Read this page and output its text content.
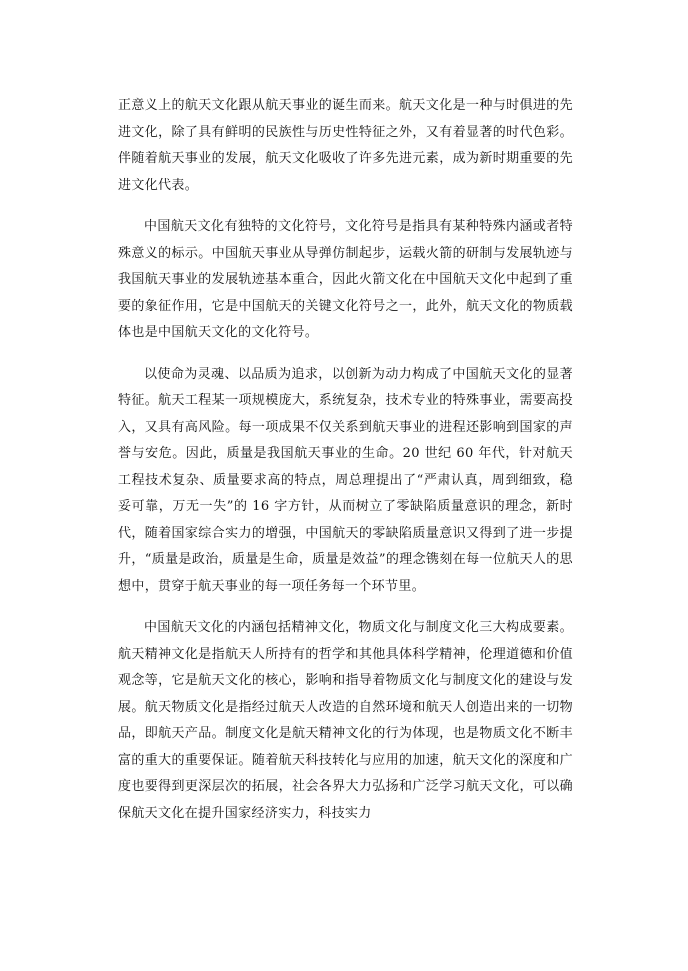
正意义上的航天文化跟从航天事业的诞生而来。航天文化是一种与时俱进的先进文化，除了具有鲜明的民族性与历史性特征之外，又有着显著的时代色彩。伴随着航天事业的发展，航天文化吸收了许多先进元素，成为新时期重要的先进文化代表。

中国航天文化有独特的文化符号，文化符号是指具有某种特殊内涵或者特殊意义的标示。中国航天事业从导弹仿制起步，运载火箭的研制与发展轨迹与我国航天事业的发展轨迹基本重合，因此火箭文化在中国航天文化中起到了重要的象征作用，它是中国航天的关键文化符号之一，此外，航天文化的物质载体也是中国航天文化的文化符号。

以使命为灵魂、以品质为追求，以创新为动力构成了中国航天文化的显著特征。航天工程某一项规模庞大，系统复杂，技术专业的特殊事业，需要高投入，又具有高风险。每一项成果不仅关系到航天事业的进程还影响到国家的声誉与安危。因此，质量是我国航天事业的生命。20 世纪 60 年代，针对航天工程技术复杂、质量要求高的特点，周总理提出了“严肃认真，周到细致，稳妥可靠，万无一失”的 16 字方针，从而树立了零缺陷质量意识的理念，新时代，随着国家综合实力的增强，中国航天的零缺陷质量意识又得到了进一步提升，“质量是政治，质量是生命，质量是效益”的理念镌刻在每一位航天人的思想中，贯穿于航天事业的每一项任务每一个环节里。

中国航天文化的内涵包括精神文化，物质文化与制度文化三大构成要素。航天精神文化是指航天人所持有的哲学和其他具体科学精神，伦理道德和价值观念等，它是航天文化的核心，影响和指导着物质文化与制度文化的建设与发展。航天物质文化是指经过航天人改造的自然环境和航天人创造出来的一切物品，即航天产品。制度文化是航天精神文化的行为体现，也是物质文化不断丰富的重大的重要保证。随着航天科技转化与应用的加速，航天文化的深度和广度也要得到更深层次的拓展，社会各界大力弘扬和广泛学习航天文化，可以确保航天文化在提升国家经济实力，科技实力
